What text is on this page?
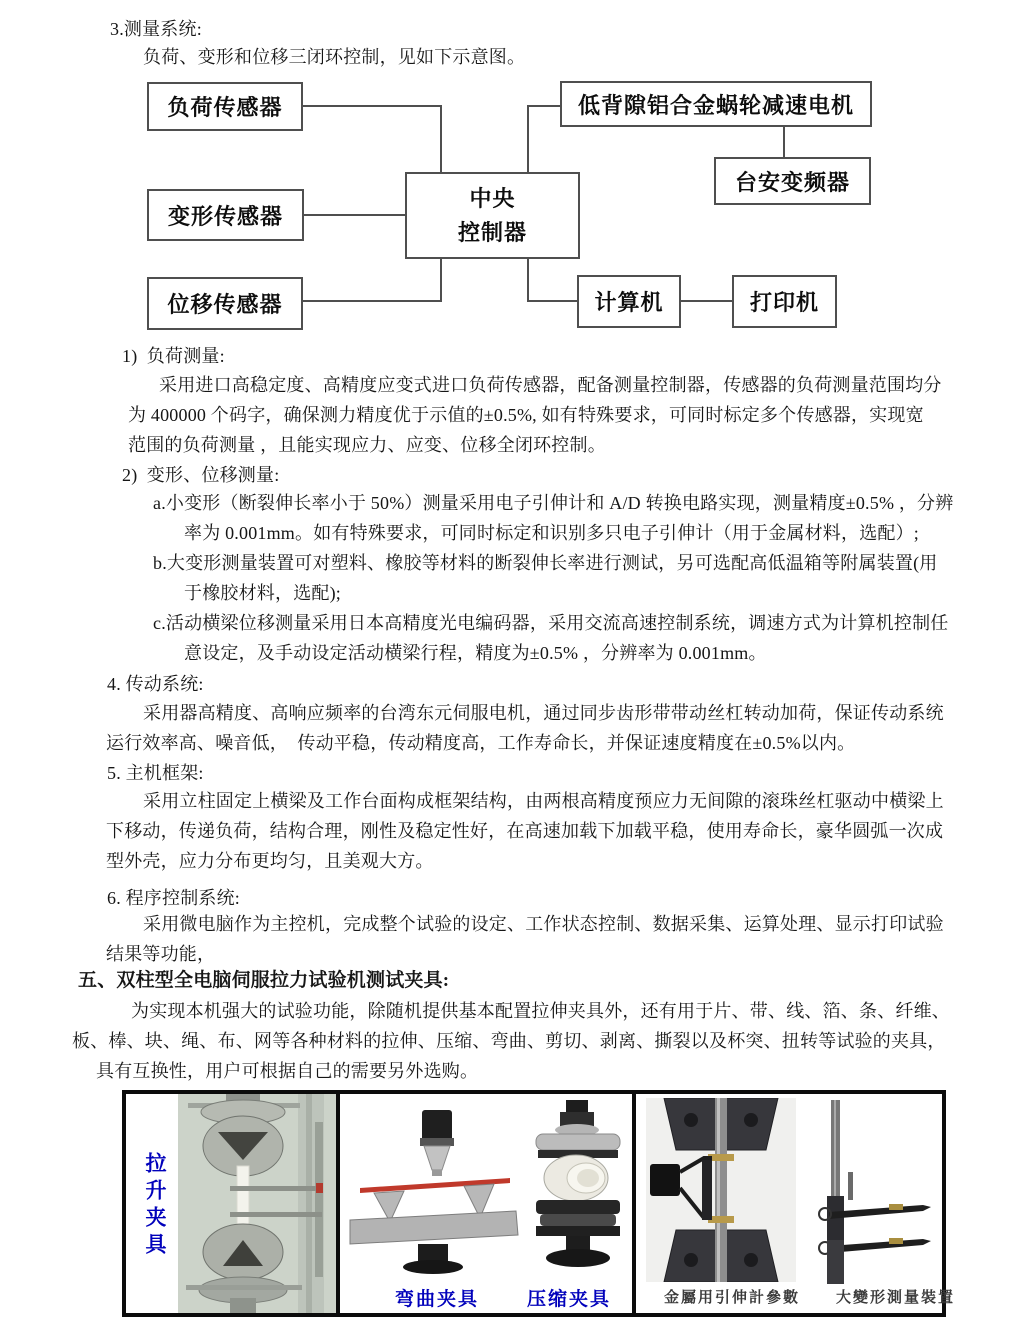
3.测量系统:
负荷、变形和位移三闭环控制，见如下示意图。
1)  负荷测量:
采用进口高稳定度、高精度应变式进口负荷传感器，配备测量控制器，传感器的负荷测量范围均分
为 400000 个码字，确保测力精度优于示值的±0.5%, 如有特殊要求，可同时标定多个传感器，实现宽
范围的负荷测量 ，且能实现应力、应变、位移全闭环控制。
2)  变形、位移测量:
a.小变形（断裂伸长率小于 50%）测量采用电子引伸计和 A/D 转换电路实现，测量精度±0.5% ，分辨
率为 0.001mm。如有特殊要求，可同时标定和识别多只电子引伸计（用于金属材料，选配）;
b.大变形测量装置可对塑料、橡胶等材料的断裂伸长率进行测试，另可选配高低温箱等附属装置(用
于橡胶材料，选配);
c.活动横梁位移测量采用日本高精度光电编码器，采用交流高速控制系统，调速方式为计算机控制任
意设定，及手动设定活动横梁行程，精度为±0.5% ，分辨率为 0.001mm。
4. 传动系统:
采用器高精度、高响应频率的台湾东元伺服电机，通过同步齿形带带动丝杠转动加荷，保证传动系统
运行效率高、噪音低，  传动平稳，传动精度高，工作寿命长，并保证速度精度在±0.5%以内。
5. 主机框架:
采用立柱固定上横梁及工作台面构成框架结构，由两根高精度预应力无间隙的滚珠丝杠驱动中横梁上
下移动，传递负荷，结构合理，刚性及稳定性好，在高速加载下加载平稳，使用寿命长，豪华圆弧一次成
型外壳，应力分布更均匀，且美观大方。
6. 程序控制系统:
采用微电脑作为主控机，完成整个试验的设定、工作状态控制、数据采集、运算处理、显示打印试验
结果等功能，
五、双柱型全电脑伺服拉力试验机测试夹具:
为实现本机强大的试验功能，除随机提供基本配置拉伸夹具外，还有用于片、带、线、箔、条、纤维、
板、棒、块、绳、布、网等各种材料的拉伸、压缩、弯曲、剪切、剥离、撕裂以及杯突、扭转等试验的夹具，
具有互换性，用户可根据自己的需要另外选购。
负荷传感器
变形传感器
位移传感器
中央
控制器
低背隙铝合金蜗轮减速电机
台安变频器
计算机	打印机
拉升夹具
弯曲夹具	压缩夹具	金屬用引伸計參數 大變形測量裝置
